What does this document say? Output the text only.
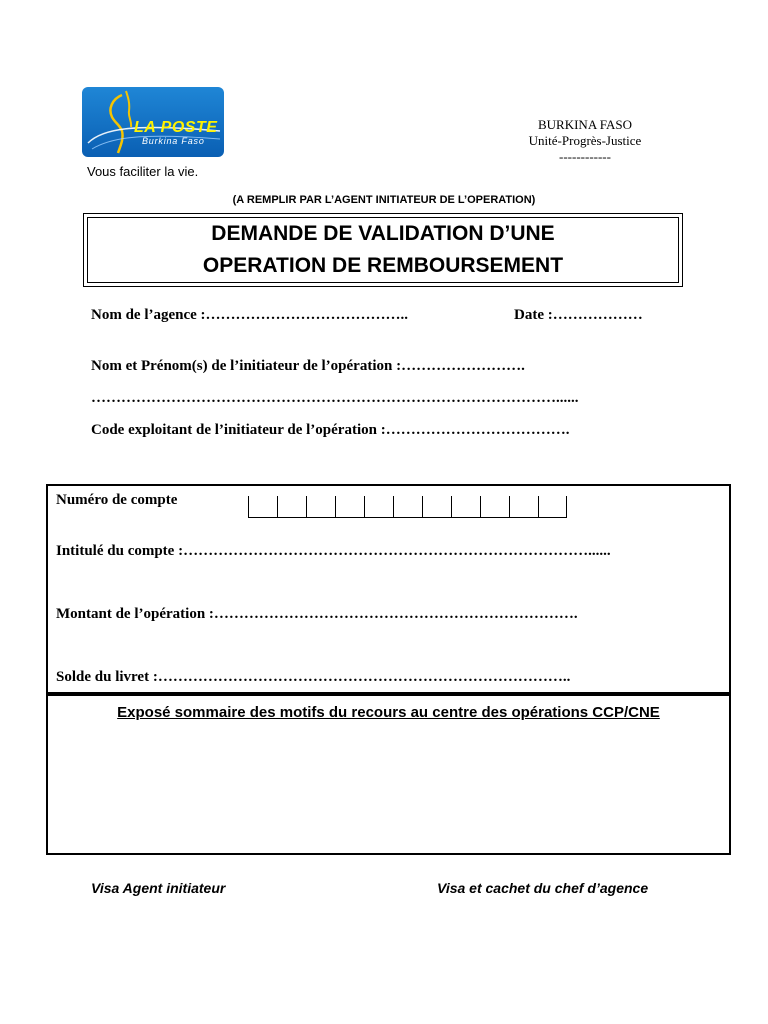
LA POSTE
Burkina Faso
Vous faciliter la vie.
BURKINA FASO
Unité-Progrès-Justice
------------
(A REMPLIR PAR L’AGENT INITIATEUR DE L’OPERATION)
DEMANDE DE VALIDATION D’UNE
OPERATION DE REMBOURSEMENT
Nom de l’agence :…………………………………..	Date :………………
Nom et Prénom(s) de l’initiateur de l’opération :…………………….
…………………………………………………………………………………......
Code exploitant de l’initiateur de l’opération :……………………………….
Numéro de compte
Intitulé du compte :………………………………………………………………………......
Montant de l’opération :……………………………………………………………….
Solde du livret :………………………………………………………………………..
Exposé sommaire des motifs du recours au centre des opérations CCP/CNE
Visa Agent initiateur	Visa et cachet du chef d’agence
